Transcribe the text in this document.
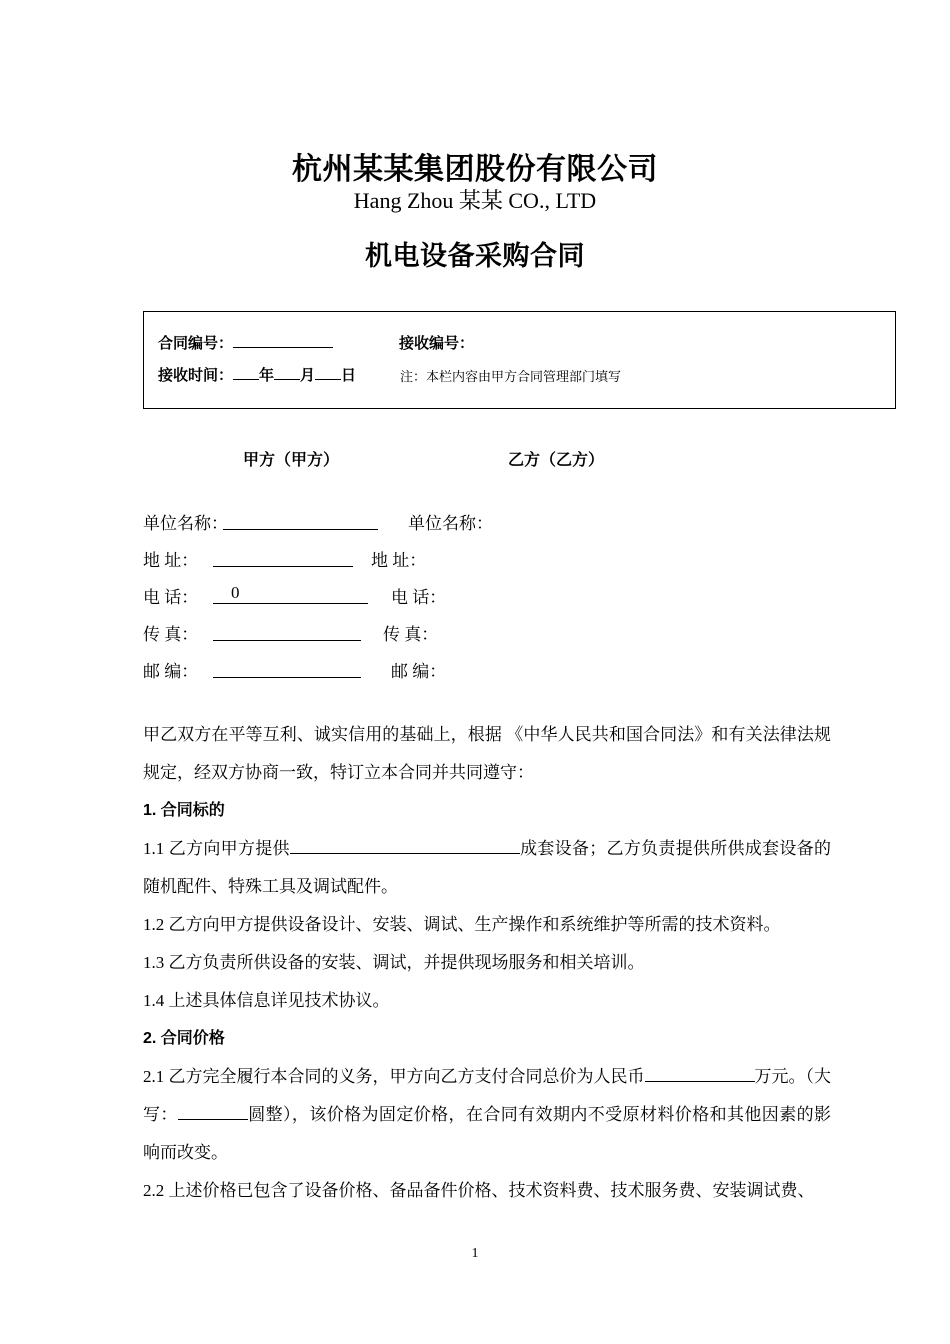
杭州某某集团股份有限公司
Hang Zhou 某某 CO., LTD
机电设备采购合同
合同编号：	接收编号：
接收时间： 年 月 日	注：本栏内容由甲方合同管理部门填写
甲方（甲方）	乙方（乙方）
单位名称：	单位名称：
地 址：	地 址：
电 话： 0	电 话：
传 真：	传 真：
邮 编：	邮 编：

甲乙双方在平等互利、诚实信用的基础上，根据 《中华人民共和国合同法》和有关法律法规规定，经双方协商一致，特订立本合同并共同遵守：

1. 合同标的

1.1 乙方向甲方提供	成套设备；乙方负责提供所供成套设备的随机配件、特殊工具及调试配件。

1.2 乙方向甲方提供设备设计、安装、调试、生产操作和系统维护等所需的技术资料。

1.3 乙方负责所供设备的安装、调试，并提供现场服务和相关培训。

1.4 上述具体信息详见技术协议。

2. 合同价格

2.1 乙方完全履行本合同的义务，甲方向乙方支付合同总价为人民币	万元。（大写：	圆整），该价格为固定价格，在合同有效期内不受原材料价格和其他因素的影响而改变。

2.2 上述价格已包含了设备价格、备品备件价格、技术资料费、技术服务费、安装调试费、

1
